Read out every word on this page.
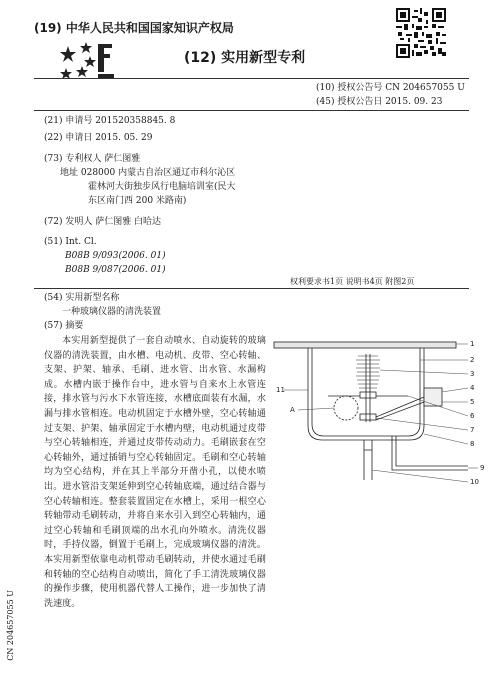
(19) 中华人民共和国国家知识产权局
(12) 实用新型专利
(10) 授权公告号 CN 204657055 U
(45) 授权公告日 2015. 09. 23
(21) 申请号 201520358845. 8
(22) 申请日 2015. 05. 29
(73) 专利权人 萨仁图雅
地址 028000 内蒙古自治区通辽市科尔沁区
霍林河大街独步风行电脑培训室(民大
东区南门西 200 米路南)
(72) 发明人 萨仁图雅 白哈达
(51) Int. Cl.
B08B 9/093(2006. 01)
B08B 9/087(2006. 01)
权利要求书1页 说明书4页 附图2页
(54) 实用新型名称
一种玻璃仪器的清洗装置
(57) 摘要
本实用新型提供了一套自动喷水、自动旋转的玻璃仪器的清洗装置，由水槽、电动机、皮带、空心转轴、支架、护架、轴承、毛刷、进水管、出水管、水漏构成。水槽内嵌于操作台中，进水管与自来水上水管连接，排水管与污水下水管连接，水槽底面装有水漏，水漏与排水管相连。电动机固定于水槽外壁，空心转轴通过支架、护架、轴承固定于水槽内壁，电动机通过皮带与空心转轴相连，并通过皮带传动动力。毛刷嵌套在空心转轴外，通过插销与空心转轴固定。毛刷和空心转轴均为空心结构，并在其上半部分开凿小孔，以使水喷出。进水管沿支架延伸到空心转轴底端，通过结合器与空心转轴相连。整套装置固定在水槽上，采用一根空心转轴带动毛刷转动，并将自来水引入到空心转轴内，通过空心转轴和毛刷顶端的出水孔向外喷水。清洗仪器时，手持仪器，倒置于毛刷上，完成玻璃仪器的清洗。本实用新型依靠电动机带动毛刷转动，并使水通过毛刷和转轴的空心结构自动喷出，简化了手工清洗玻璃仪器的操作步骤，使用机器代替人工操作，进一步加快了清洗速度。
1
2
3
4
5
6
7
8
9
10
11
A
CN 204657055 U
